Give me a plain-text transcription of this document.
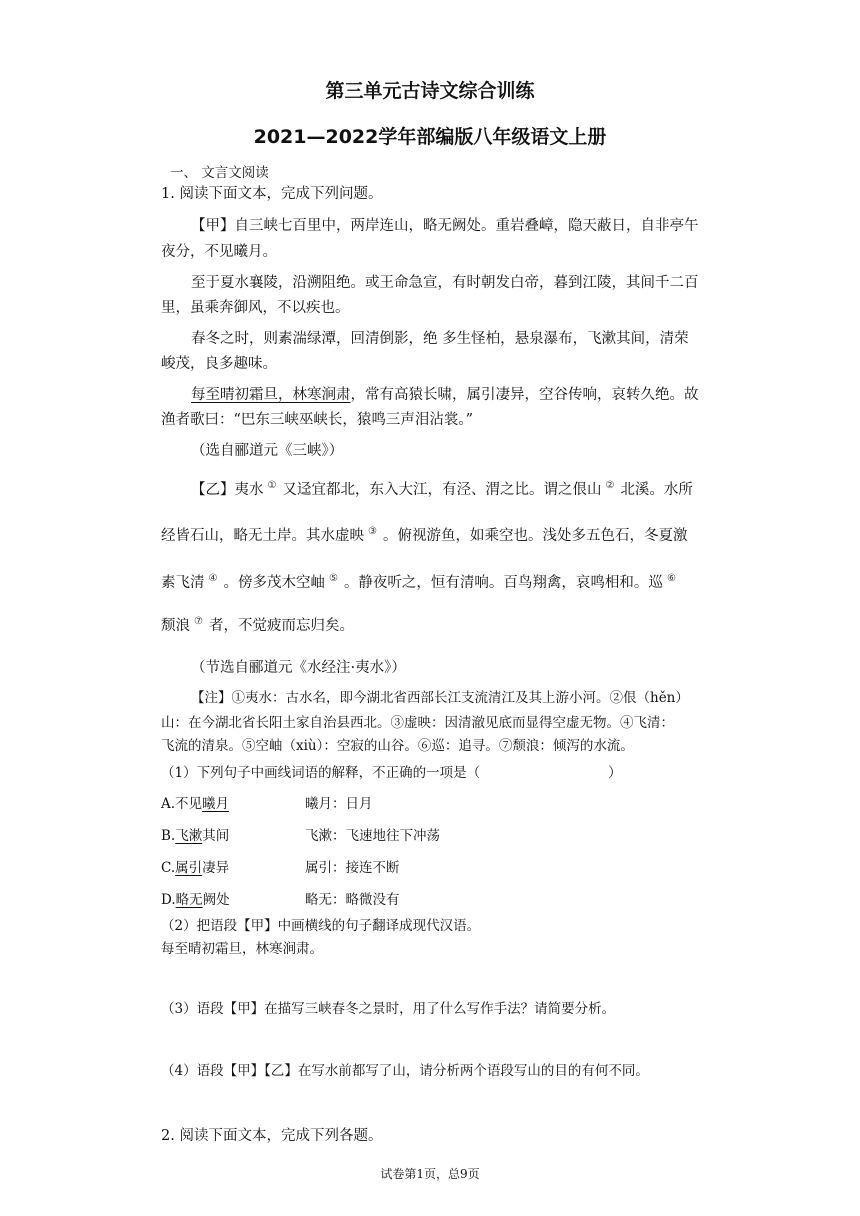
第三单元古诗文综合训练
2021—2022学年部编版八年级语文上册
一、 文言文阅读
1. 阅读下面文本，完成下列问题。
【甲】自三峡七百里中，两岸连山，略无阙处。重岩叠嶂，隐天蔽日，自非亭午
夜分，不见曦月。
至于夏水襄陵，沿溯阻绝。或王命急宣，有时朝发白帝，暮到江陵，其间千二百
里，虽乘奔御风，不以疾也。
春冬之时，则素湍绿潭，回清倒影，绝 多生怪柏，悬泉瀑布，飞漱其间，清荣
峻茂，良多趣味。
每至晴初霜旦，林寒涧肃，常有高猿长啸，属引凄异，空谷传响，哀转久绝。故
渔者歌曰：“巴东三峡巫峡长，猿鸣三声泪沾裳。”
（选自郦道元《三峡》）
【乙】夷水 ① 又迳宜都北，东入大江，有泾、渭之比。谓之佷山 ② 北溪。水所
经皆石山，略无土岸。其水虚映 ③ 。俯视游鱼，如乘空也。浅处多五色石，冬夏激
素飞清 ④ 。傍多茂木空岫 ⑤ 。静夜听之，恒有清响。百鸟翔禽，哀鸣相和。巡 ⑥
颓浪 ⑦ 者，不觉疲而忘归矣。
（节选自郦道元《水经注·夷水》）
【注】①夷水：古水名，即今湖北省西部长江支流清江及其上游小河。②佷（hěn）
山：在今湖北省长阳土家自治县西北。③虚映：因清澈见底而显得空虚无物。④飞清：
飞流的清泉。⑤空岫（xiù）：空寂的山谷。⑥巡：追寻。⑦颓浪：倾泻的水流。
（1）下列句子中画线词语的解释，不正确的一项是（	）
A.不见曦月	曦月：日月
B.飞漱其间	飞漱：飞速地往下冲荡
C.属引凄异	属引：接连不断
D.略无阙处	略无：略微没有
（2）把语段【甲】中画横线的句子翻译成现代汉语。
每至晴初霜旦，林寒涧肃。
（3）语段【甲】在描写三峡春冬之景时，用了什么写作手法？请简要分析。
（4）语段【甲】【乙】在写水前都写了山，请分析两个语段写山的目的有何不同。
2. 阅读下面文本，完成下列各题。
试卷第1页，总9页
